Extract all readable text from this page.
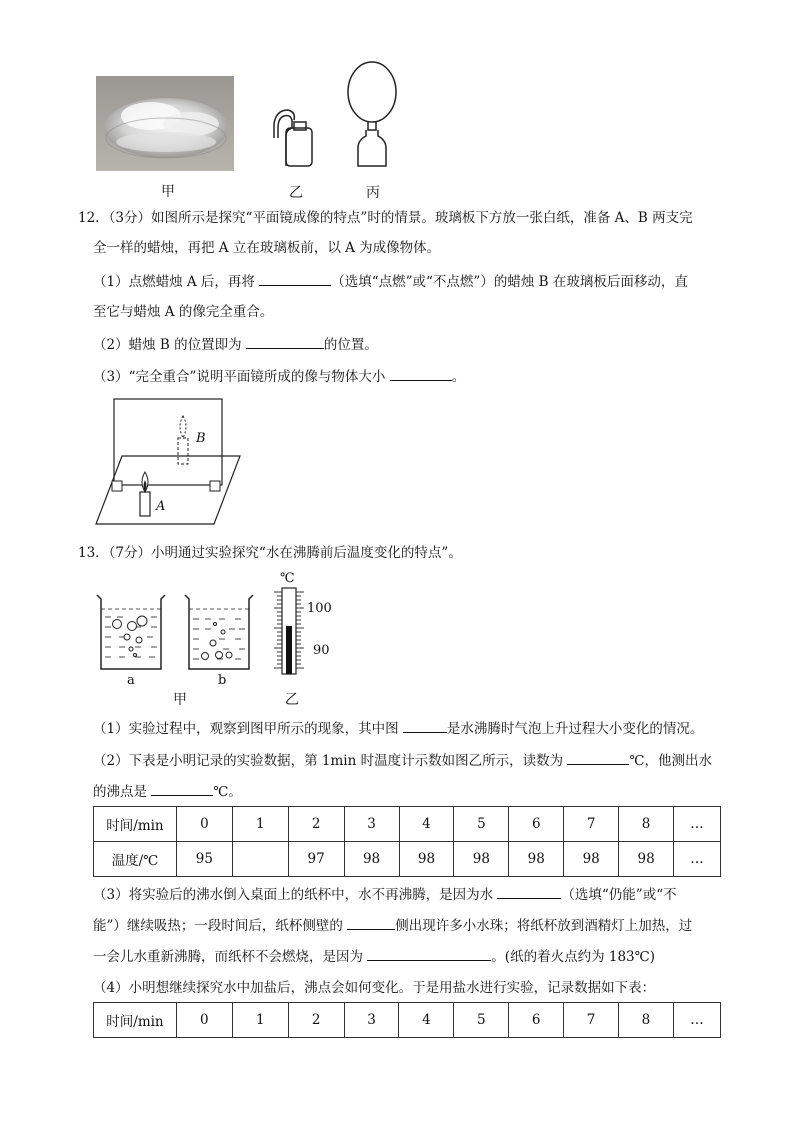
甲	乙	丙
12．（3分）如图所示是探究“平面镜成像的特点”时的情景。玻璃板下方放一张白纸，准备 A、B 两支完
全一样的蜡烛，再把 A 立在玻璃板前，以 A 为成像物体。
（1）点燃蜡烛 A 后，再将	（选填“点燃”或“不点燃”）的蜡烛 B 在玻璃板后面移动，直
至它与蜡烛 A 的像完全重合。
（2）蜡烛 B 的位置即为	的位置。
（3）“完全重合”说明平面镜所成的像与物体大小	。
B
A
13．（7分）小明通过实验探究“水在沸腾前后温度变化的特点”。
a	b
甲
℃
100
90
乙
（1）实验过程中，观察到图甲所示的现象，其中图	是水沸腾时气泡上升过程大小变化的情况。
（2）下表是小明记录的实验数据，第 1min 时温度计示数如图乙所示，读数为	℃，他测出水
的沸点是	℃。
时间/min	0	1	2	3	4	5	6	7	8	…
温度/℃	95		97	98	98	98	98	98	98	…
（3）将实验后的沸水倒入桌面上的纸杯中，水不再沸腾，是因为水	（选填“仍能”或“不
能”）继续吸热；一段时间后，纸杯侧壁的	侧出现许多小水珠；将纸杯放到酒精灯上加热，过
一会儿水重新沸腾，而纸杯不会燃烧，是因为	。(纸的着火点约为 183℃)
（4）小明想继续探究水中加盐后，沸点会如何变化。于是用盐水进行实验，记录数据如下表：
时间/min	0	1	2	3	4	5	6	7	8	…
